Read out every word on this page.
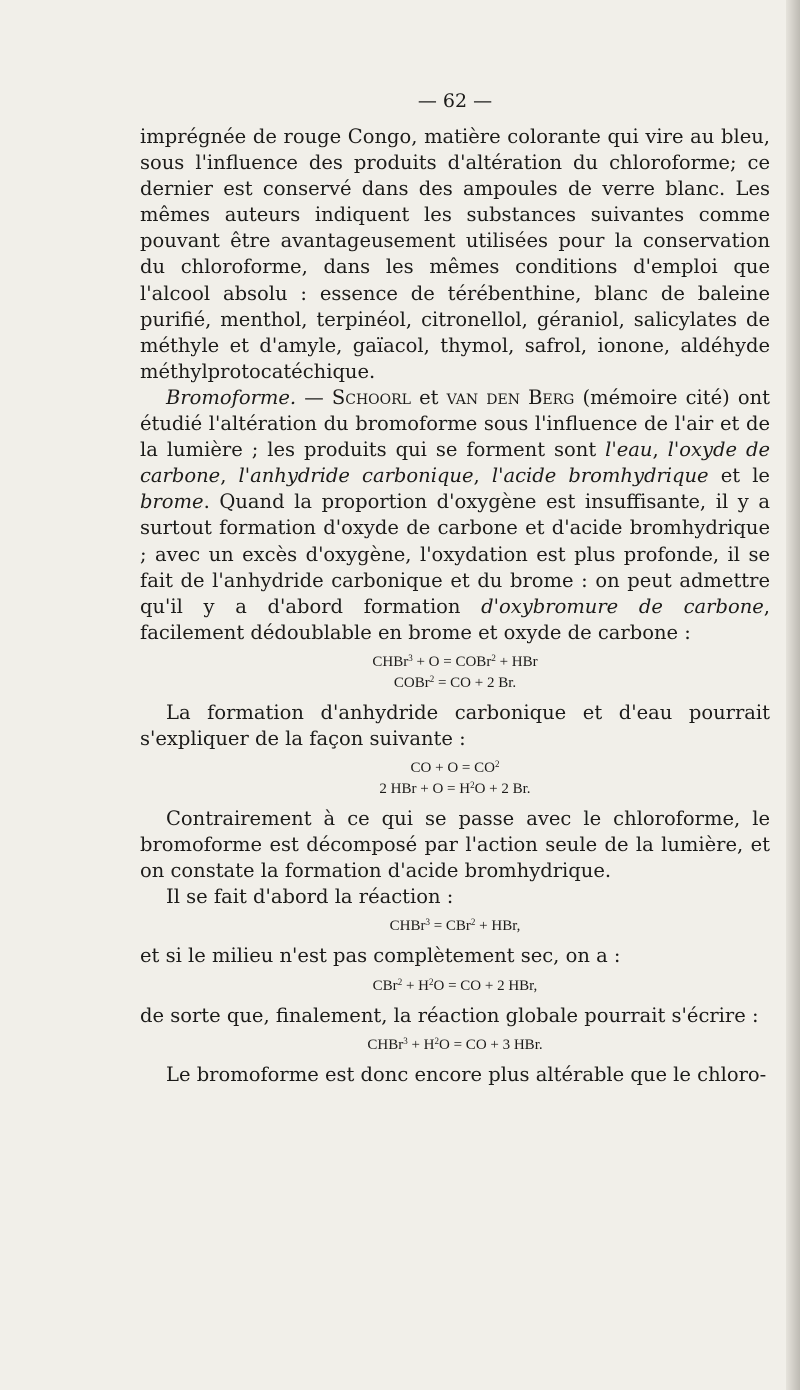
— 62 —

imprégnée de rouge Congo, matière colorante qui vire au bleu, sous l'influence des produits d'altération du chloroforme; ce dernier est conservé dans des ampoules de verre blanc. Les mêmes auteurs indiquent les substances suivantes comme pouvant être avantageusement utilisées pour la conservation du chloroforme, dans les mêmes conditions d'emploi que l'alcool absolu : essence de térébenthine, blanc de baleine purifié, menthol, terpinéol, citronellol, géraniol, salicylates de méthyle et d'amyle, gaïacol, thymol, safrol, ionone, aldéhyde méthylprotocatéchique.

Bromoforme. — Schoorl et van den Berg (mémoire cité) ont étudié l'altération du bromoforme sous l'influence de l'air et de la lumière ; les produits qui se forment sont l'eau, l'oxyde de carbone, l'anhydride carbonique, l'acide bromhydrique et le brome. Quand la proportion d'oxygène est insuffisante, il y a surtout formation d'oxyde de carbone et d'acide bromhydrique ; avec un excès d'oxygène, l'oxydation est plus profonde, il se fait de l'anhydride carbonique et du brome : on peut admettre qu'il y a d'abord formation d'oxybromure de carbone, facilement dédoublable en brome et oxyde de carbone :

CHBr$^3$ + O = COBr$^2$ + HBr
COBr$^2$ = CO + 2 Br.

La formation d'anhydride carbonique et d'eau pourrait s'expliquer de la façon suivante :

CO + $O = CO^2$
2 HBr + $O = H^2O + 2$ Br.

Contrairement à ce qui se passe avec le chloroforme, le bromoforme est décomposé par l'action seule de la lumière, et on constate la formation d'acide bromhydrique.

Il se fait d'abord la réaction :

CHBr$^3$ = CBr$^2$ + HBr,

et si le milieu n'est pas complètement sec, on a :

$CBr^2 + H^2O$ = CO + 2 HBr,

de sorte que, finalement, la réaction globale pourrait s'écrire :

CHBr$^3$ + $H^2O$ = CO + 3 HBr.

Le bromoforme est donc encore plus altérable que le chloro-
